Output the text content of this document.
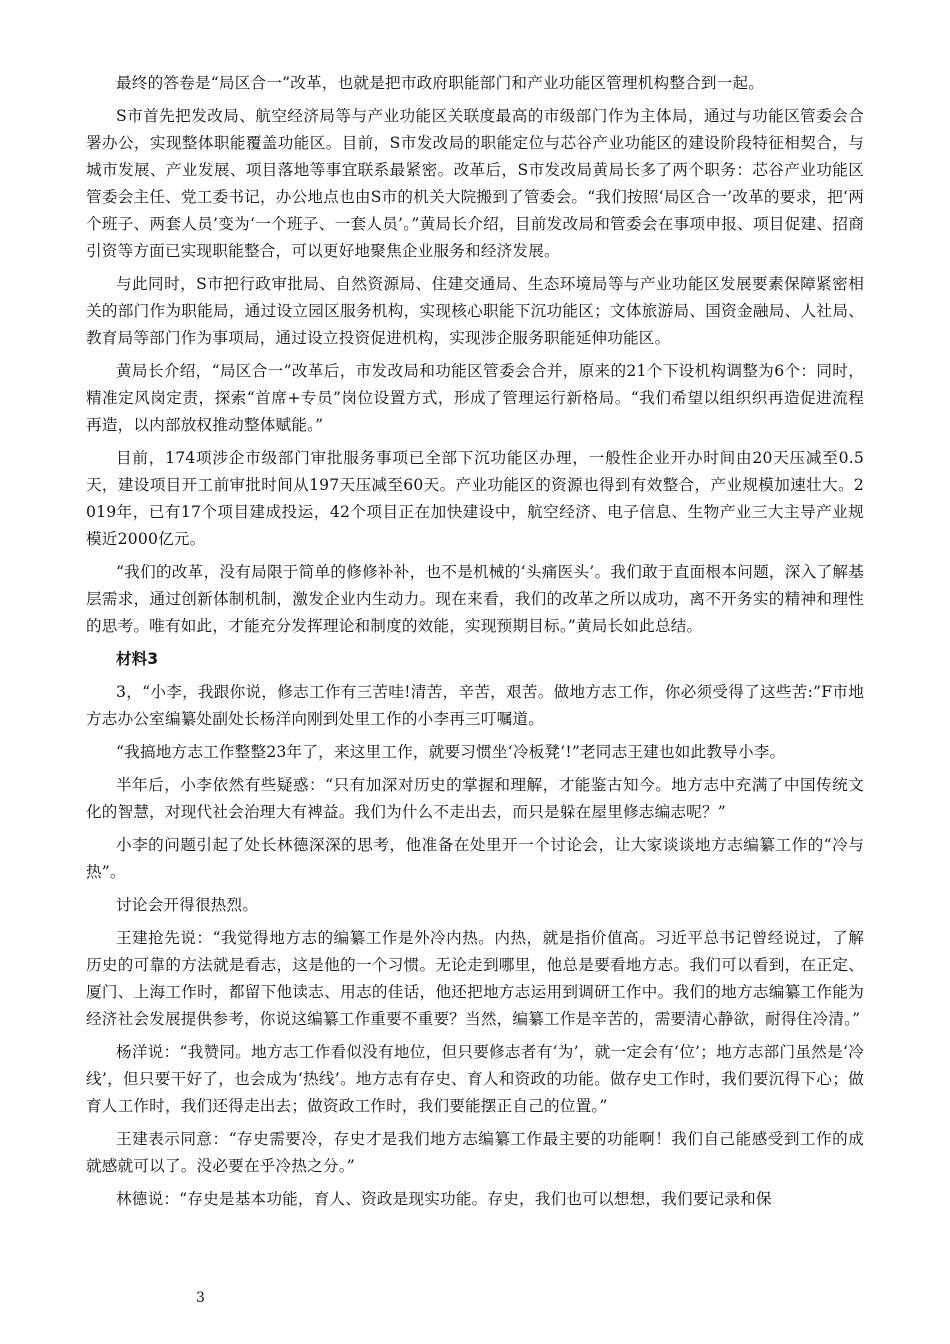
最终的答卷是“局区合一”改革，也就是把市政府职能部门和产业功能区管理机构整合到一起。

S市首先把发改局、航空经济局等与产业功能区关联度最高的市级部门作为主体局，通过与功能区管委会合署办公，实现整体职能覆盖功能区。目前，S市发改局的职能定位与芯谷产业功能区的建设阶段特征相契合，与城市发展、产业发展、项目落地等事宜联系最紧密。改革后，S市发改局黄局长多了两个职务：芯谷产业功能区管委会主任、党工委书记，办公地点也由S市的机关大院搬到了管委会。“我们按照‘局区合一’改革的要求，把‘两个班子、两套人员’变为‘一个班子、一套人员’。”黄局长介绍，目前发改局和管委会在事项申报、项目促建、招商引资等方面已实现职能整合，可以更好地聚焦企业服务和经济发展。

与此同时，S市把行政审批局、自然资源局、住建交通局、生态环境局等与产业功能区发展要素保障紧密相关的部门作为职能局，通过设立园区服务机构，实现核心职能下沉功能区；文体旅游局、国资金融局、人社局、教育局等部门作为事项局，通过设立投资促进机构，实现涉企服务职能延伸功能区。

黄局长介绍，“局区合一”改革后，市发改局和功能区管委会合并，原来的21个下设机构调整为6个：同时，精准定风岗定责，探索“首席+专员”岗位设置方式，形成了管理运行新格局。“我们希望以组织织再造促进流程再造，以内部放权推动整体赋能。”

目前，174项涉企市级部门审批服务事项已全部下沉功能区办理，一般性企业开办时间由20天压减至0.5天，建设项目开工前审批时间从197天压减至60天。产业功能区的资源也得到有效整合，产业规模加速壮大。2019年，已有17个项目建成投运，42个项目正在加快建设中，航空经济、电子信息、生物产业三大主导产业规模近2000亿元。

“我们的改革，没有局限于简单的修修补补，也不是机械的‘头痛医头’。我们敢于直面根本问题，深入了解基层需求，通过创新体制机制，激发企业内生动力。现在来看，我们的改革之所以成功，离不开务实的精神和理性的思考。唯有如此，才能充分发挥理论和制度的效能，实现预期目标。”黄局长如此总结。

材料3

3，“小李，我跟你说，修志工作有三苦哇!清苦，辛苦，艰苦。做地方志工作，你必须受得了这些苦:”F市地方志办公室编纂处副处长杨洋向刚到处里工作的小李再三叮嘱道。

“我搞地方志工作整整23年了，来这里工作，就要习惯坐‘冷板凳’!”老同志王建也如此教导小李。

半年后，小李依然有些疑惑：“只有加深对历史的掌握和理解，才能鉴古知今。地方志中充满了中国传统文化的智慧，对现代社会治理大有裨益。我们为什么不走出去，而只是躲在屋里修志编志呢？”

小李的问题引起了处长林德深深的思考，他准备在处里开一个讨论会，让大家谈谈地方志编纂工作的“冷与热”。

讨论会开得很热烈。

王建抢先说：“我觉得地方志的编纂工作是外冷内热。内热，就是指价值高。习近平总书记曾经说过，了解历史的可靠的方法就是看志，这是他的一个习惯。无论走到哪里，他总是要看地方志。我们可以看到，在正定、厦门、上海工作时，都留下他读志、用志的佳话，他还把地方志运用到调研工作中。我们的地方志编纂工作能为经济社会发展提供参考，你说这编纂工作重要不重要？当然，编纂工作是辛苦的，需要清心静欲，耐得住冷清。”

杨洋说：“我赞同。地方志工作看似没有地位，但只要修志者有‘为’，就一定会有‘位’；地方志部门虽然是‘冷线’，但只要干好了，也会成为‘热线’。地方志有存史、育人和资政的功能。做存史工作时，我们要沉得下心；做育人工作时，我们还得走出去；做资政工作时，我们要能摆正自己的位置。”

王建表示同意：“存史需要冷，存史才是我们地方志编纂工作最主要的功能啊！我们自己能感受到工作的成就感就可以了。没必要在乎冷热之分。”

林德说：“存史是基本功能，育人、资政是现实功能。存史，我们也可以想想，我们要记录和保

3
